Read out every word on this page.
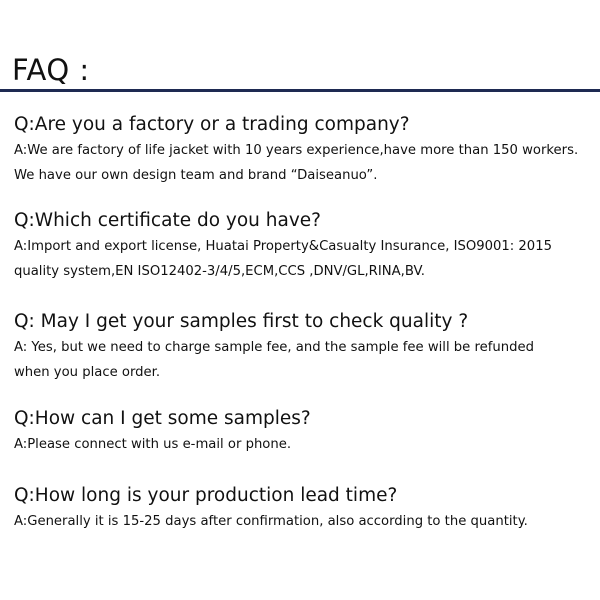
FAQ :
Q:Are you a factory or a trading company?
A:We are factory of life jacket with 10 years experience,have more than 150 workers.
We have our own design team and brand “Daiseanuo”.
Q:Which certificate do you have?
A:Import and export license, Huatai Property&Casualty Insurance, ISO9001: 2015
quality system,EN ISO12402-3/4/5,ECM,CCS ,DNV/GL,RINA,BV.
Q: May I get your samples first to check quality ?
A: Yes, but we need to charge sample fee, and the sample fee will be refunded
when you place order.
Q:How can I get some samples?
A:Please connect with us e-mail or phone.
Q:How long is your production lead time?
A:Generally it is 15-25 days after confirmation, also according to the quantity.
